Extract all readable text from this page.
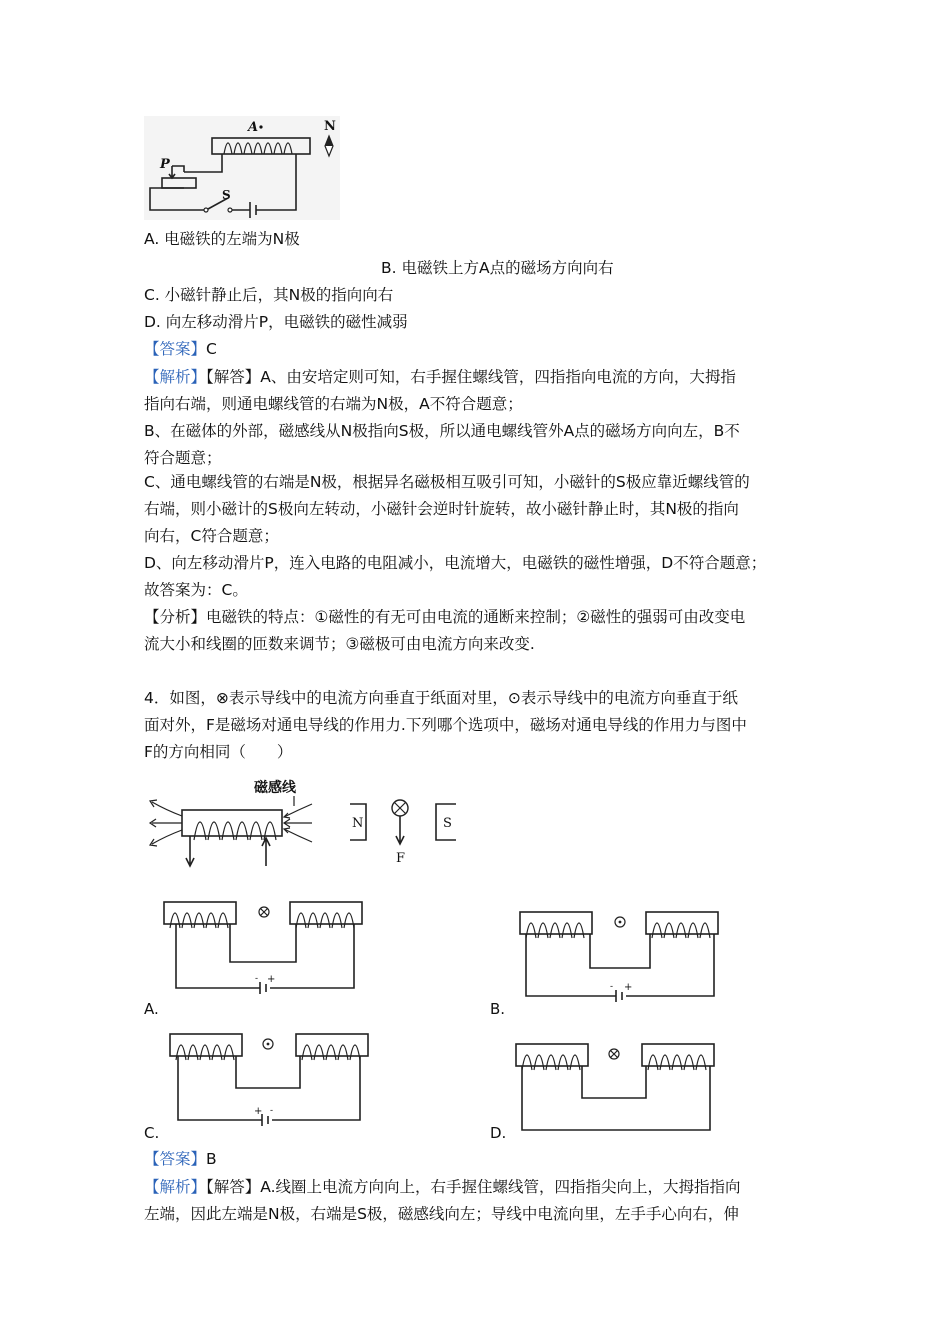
A	N
P
S
A. 电磁铁的左端为N极
B. 电磁铁上方A点的磁场方向向右
C. 小磁针静止后，其N极的指向向右
D. 向左移动滑片P，电磁铁的磁性减弱
【答案】C
【解析】【解答】A、由安培定则可知，右手握住螺线管，四指指向电流的方向，大拇指
指向右端，则通电螺线管的右端为N极，A不符合题意；
B、在磁体的外部，磁感线从N极指向S极，所以通电螺线管外A点的磁场方向向左，B不
符合题意；
C、通电螺线管的右端是N极，根据异名磁极相互吸引可知，小磁针的S极应靠近螺线管的
右端，则小磁计的S极向左转动，小磁针会逆时针旋转，故小磁针静止时，其N极的指向
向右，C符合题意；
D、向左移动滑片P，连入电路的电阻减小，电流增大，电磁铁的磁性增强，D不符合题意；
故答案为：C。
【分析】电磁铁的特点：①磁性的有无可由电流的通断来控制；②磁性的强弱可由改变电
流大小和线圈的匝数来调节；③磁极可由电流方向来改变.
4．如图，⊗表示导线中的电流方向垂直于纸面对里，⊙表示导线中的电流方向垂直于纸
面对外，F是磁场对通电导线的作用力.下列哪个选项中，磁场对通电导线的作用力与图中
F的方向相同（　　）
磁感线
N
F
S
- +
A.
- +
B.
+ -
C.	D.
【答案】B
【解析】【解答】A.线圈上电流方向向上，右手握住螺线管，四指指尖向上，大拇指指向
左端，因此左端是N极，右端是S极，磁感线向左；导线中电流向里，左手手心向右，伸
